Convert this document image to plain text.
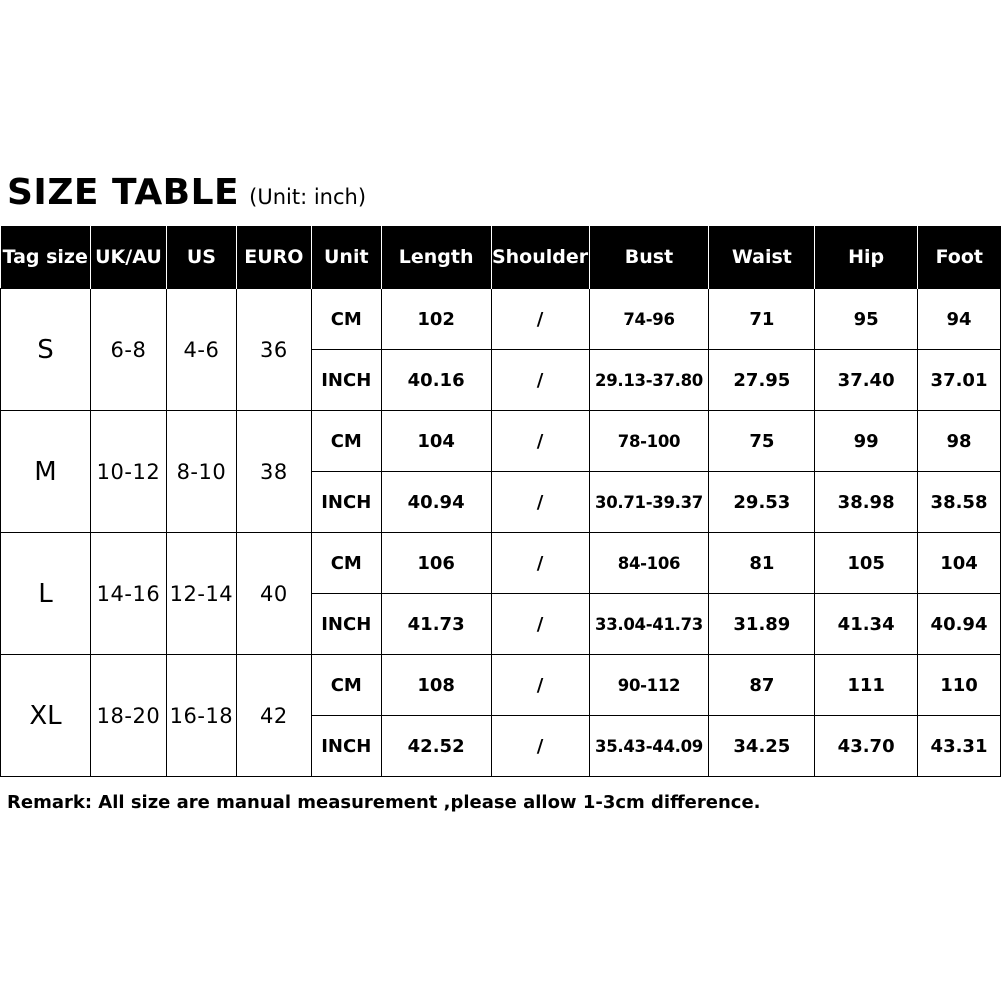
SIZE TABLE (Unit: inch)
Tag size	UK/AU	US	EURO	Unit	Length	Shoulder	Bust	Waist	Hip	Foot
S	6-8	4-6	36	CM	102	/	74-96	71	95	94
				INCH	40.16	/	29.13-37.80	27.95	37.40	37.01
M	10-12	8-10	38	CM	104	/	78-100	75	99	98
				INCH	40.94	/	30.71-39.37	29.53	38.98	38.58
L	14-16	12-14	40	CM	106	/	84-106	81	105	104
				INCH	41.73	/	33.04-41.73	31.89	41.34	40.94
XL	18-20	16-18	42	CM	108	/	90-112	87	111	110
				INCH	42.52	/	35.43-44.09	34.25	43.70	43.31
Remark: All size are manual measurement ,please allow 1-3cm difference.
